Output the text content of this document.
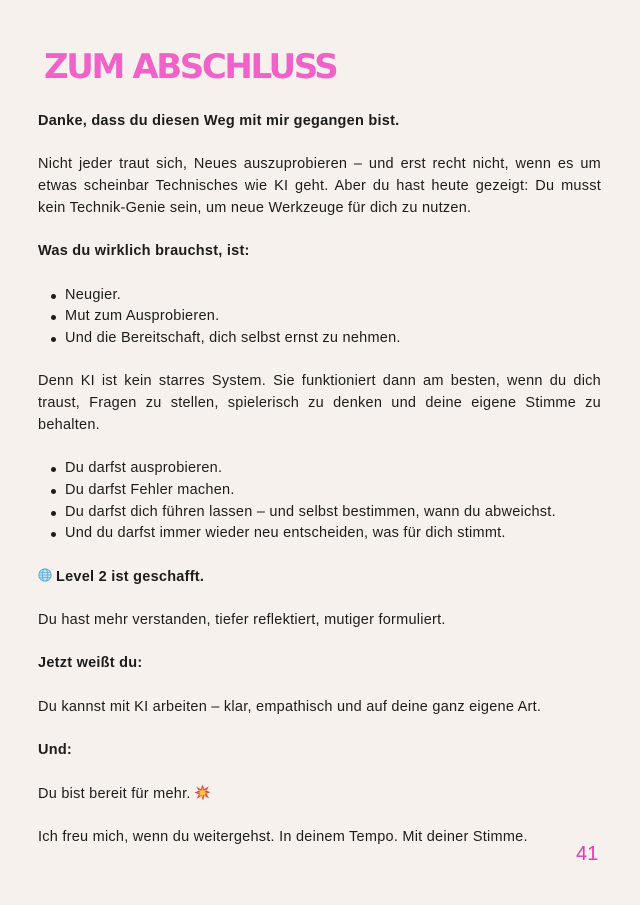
ZUM ABSCHLUSS

Danke, dass du diesen Weg mit mir gegangen bist.

Nicht jeder traut sich, Neues auszuprobieren – und erst recht nicht, wenn es um etwas scheinbar Technisches wie KI geht. Aber du hast heute gezeigt: Du musst kein Technik-Genie sein, um neue Werkzeuge für dich zu nutzen.

Was du wirklich brauchst, ist:

Neugier.
Mut zum Ausprobieren.
Und die Bereitschaft, dich selbst ernst zu nehmen.

Denn KI ist kein starres System. Sie funktioniert dann am besten, wenn du dich traust, Fragen zu stellen, spielerisch zu denken und deine eigene Stimme zu behalten.

Du darfst ausprobieren.
Du darfst Fehler machen.
Du darfst dich führen lassen – und selbst bestimmen, wann du abweichst.
Und du darfst immer wieder neu entscheiden, was für dich stimmt.

Level 2 ist geschafft.

Du hast mehr verstanden, tiefer reflektiert, mutiger formuliert.

Jetzt weißt du:

Du kannst mit KI arbeiten – klar, empathisch und auf deine ganz eigene Art.

Und:

Du bist bereit für mehr.

Ich freu mich, wenn du weitergehst. In deinem Tempo. Mit deiner Stimme.

41
